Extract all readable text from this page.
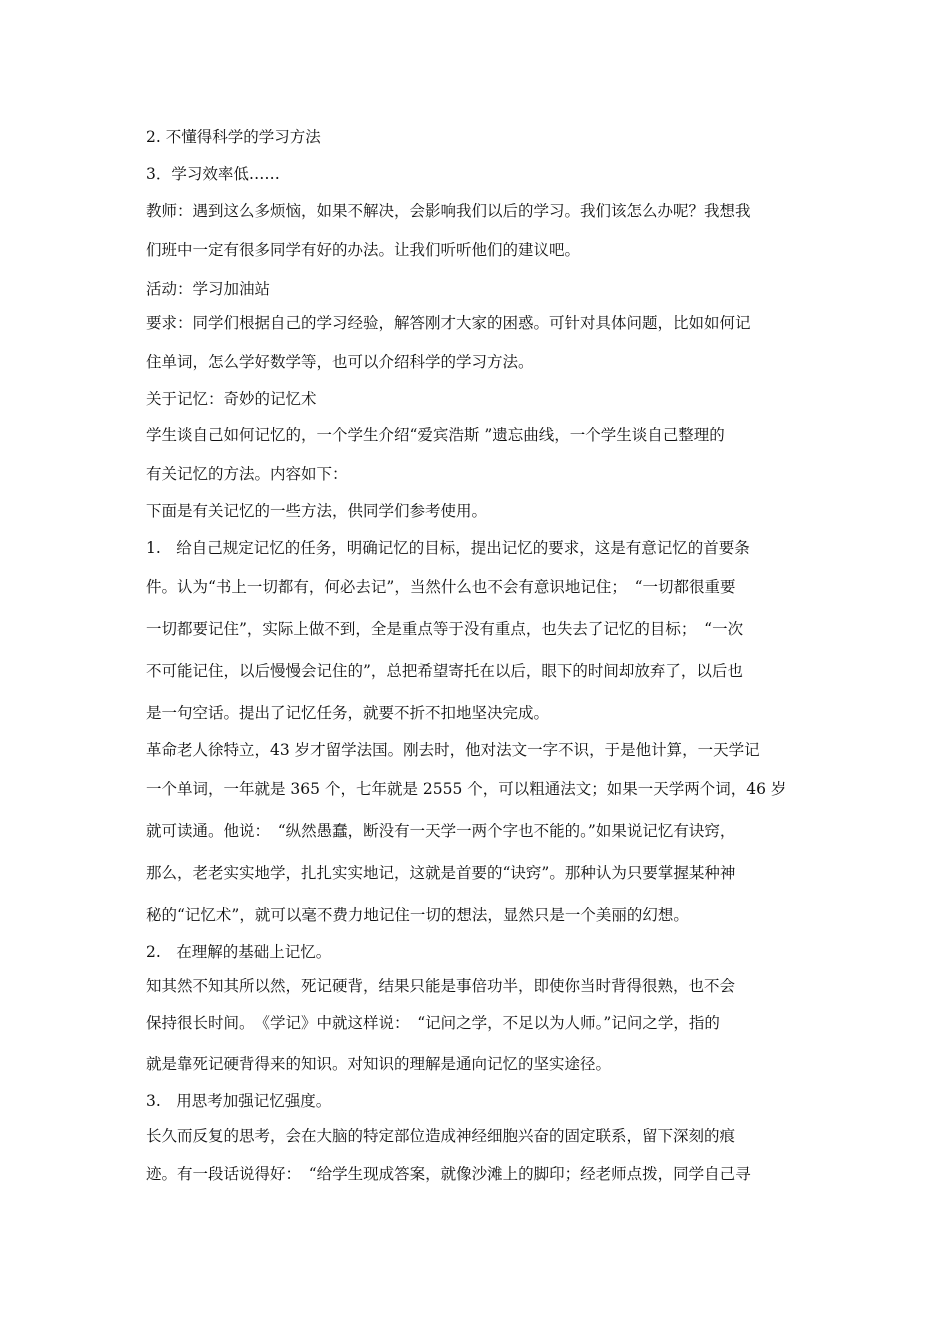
2. 不懂得科学的学习方法
3．学习效率低……
教师：遇到这么多烦恼，如果不解决，会影响我们以后的学习。我们该怎么办呢？我想我
们班中一定有很多同学有好的办法。让我们听听他们的建议吧。
活动：学习加油站
要求：同学们根据自己的学习经验，解答刚才大家的困惑。可针对具体问题，比如如何记
住单词，怎么学好数学等，也可以介绍科学的学习方法。
关于记忆：奇妙的记忆术
学生谈自己如何记忆的，一个学生介绍“爱宾浩斯 ”遗忘曲线，一个学生谈自己整理的
有关记忆的方法。内容如下：
下面是有关记忆的一些方法，供同学们参考使用。
1.　给自己规定记忆的任务，明确记忆的目标，提出记忆的要求，这是有意记忆的首要条
件。认为“书上一切都有，何必去记”，当然什么也不会有意识地记住；　“一切都很重要
一切都要记住”，实际上做不到，全是重点等于没有重点，也失去了记忆的目标；　“一次
不可能记住，以后慢慢会记住的”，总把希望寄托在以后，眼下的时间却放弃了，以后也
是一句空话。提出了记忆任务，就要不折不扣地坚决完成。
革命老人徐特立，43 岁才留学法国。刚去时，他对法文一字不识，于是他计算，一天学记
一个单词，一年就是 365 个，七年就是 2555 个，可以粗通法文；如果一天学两个词，46 岁
就可读通。他说：　“纵然愚蠢，断没有一天学一两个字也不能的。”如果说记忆有诀窍，
那么，老老实实地学，扎扎实实地记，这就是首要的“诀窍”。那种认为只要掌握某种神
秘的“记忆术”，就可以毫不费力地记住一切的想法，显然只是一个美丽的幻想。
2.　在理解的基础上记忆。
知其然不知其所以然，死记硬背，结果只能是事倍功半，即使你当时背得很熟，也不会
保持很长时间。　《学记》中就这样说：　“记问之学，不足以为人师。”记问之学，指的
就是靠死记硬背得来的知识。对知识的理解是通向记忆的坚实途径。
3.　用思考加强记忆强度。
长久而反复的思考，会在大脑的特定部位造成神经细胞兴奋的固定联系，留下深刻的痕
迹。有一段话说得好：　“给学生现成答案，就像沙滩上的脚印；经老师点拨，同学自己寻
